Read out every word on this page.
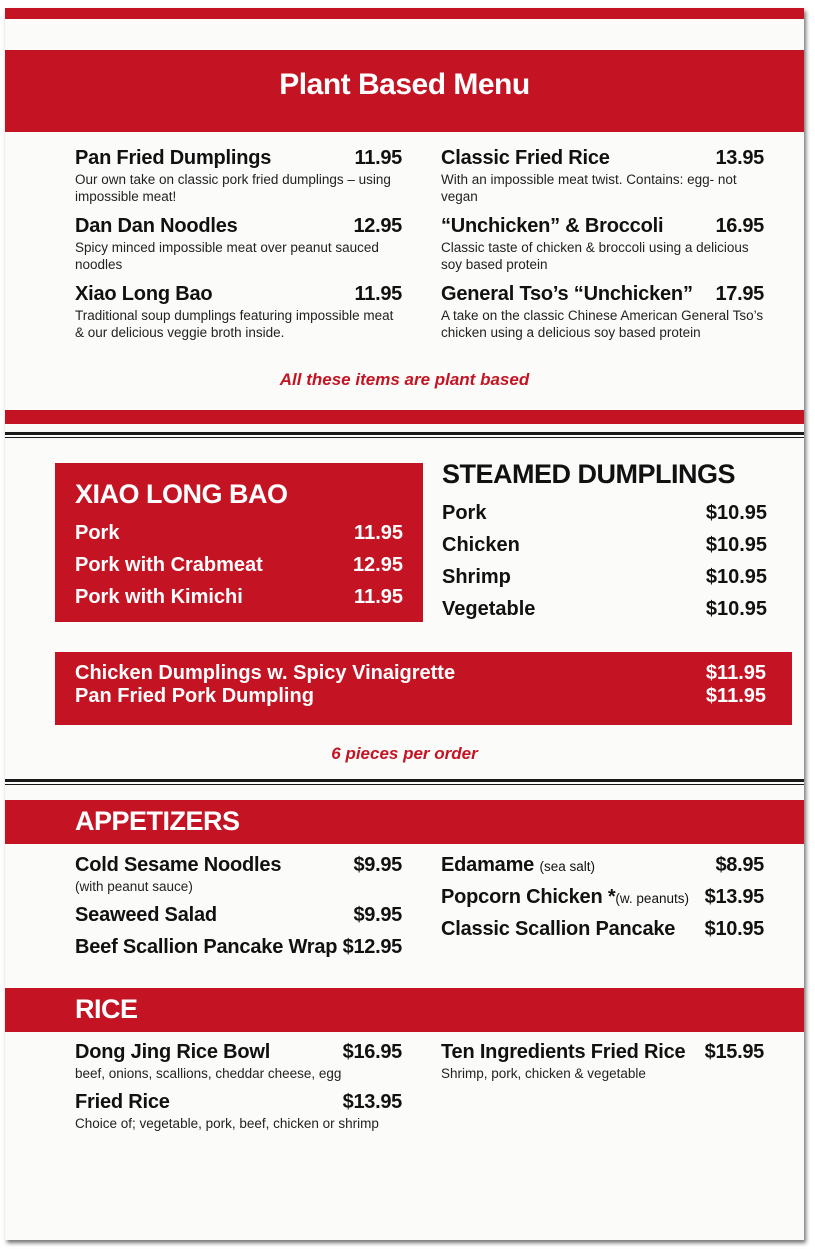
Plant Based Menu
Pan Fried Dumplings	11.95
Our own take on classic pork fried dumplings – using impossible meat!
Dan Dan Noodles	12.95
Spicy minced impossible meat over peanut sauced noodles
Xiao Long Bao	11.95
Traditional soup dumplings featuring impossible meat & our delicious veggie broth inside.
Classic Fried Rice	13.95
With an impossible meat twist. Contains: egg- not vegan
“Unchicken” & Broccoli	16.95
Classic taste of chicken & broccoli using a delicious soy based protein
General Tso’s “Unchicken” 17.95
A take on the classic Chinese American General Tso’s chicken using a delicious soy based protein
All these items are plant based
XIAO LONG BAO
Pork	11.95
Pork with Crabmeat	12.95
Pork with Kimichi	11.95
STEAMED DUMPLINGS
Pork	$10.95
Chicken	$10.95
Shrimp	$10.95
Vegetable	$10.95
Chicken Dumplings w. Spicy Vinaigrette	$11.95
Pan Fried Pork Dumpling	$11.95
6 pieces per order
APPETIZERS
Cold Sesame Noodles	$9.95
(with peanut sauce)
Seaweed Salad	$9.95
Beef Scallion Pancake Wrap $12.95
Edamame (sea salt)	$8.95
Popcorn Chicken *(w. peanuts) $13.95
Classic Scallion Pancake $10.95
RICE
Dong Jing Rice Bowl	$16.95
beef, onions, scallions, cheddar cheese, egg
Fried Rice	$13.95
Choice of; vegetable, pork, beef, chicken or shrimp
Ten Ingredients Fried Rice $15.95
Shrimp, pork, chicken & vegetable
